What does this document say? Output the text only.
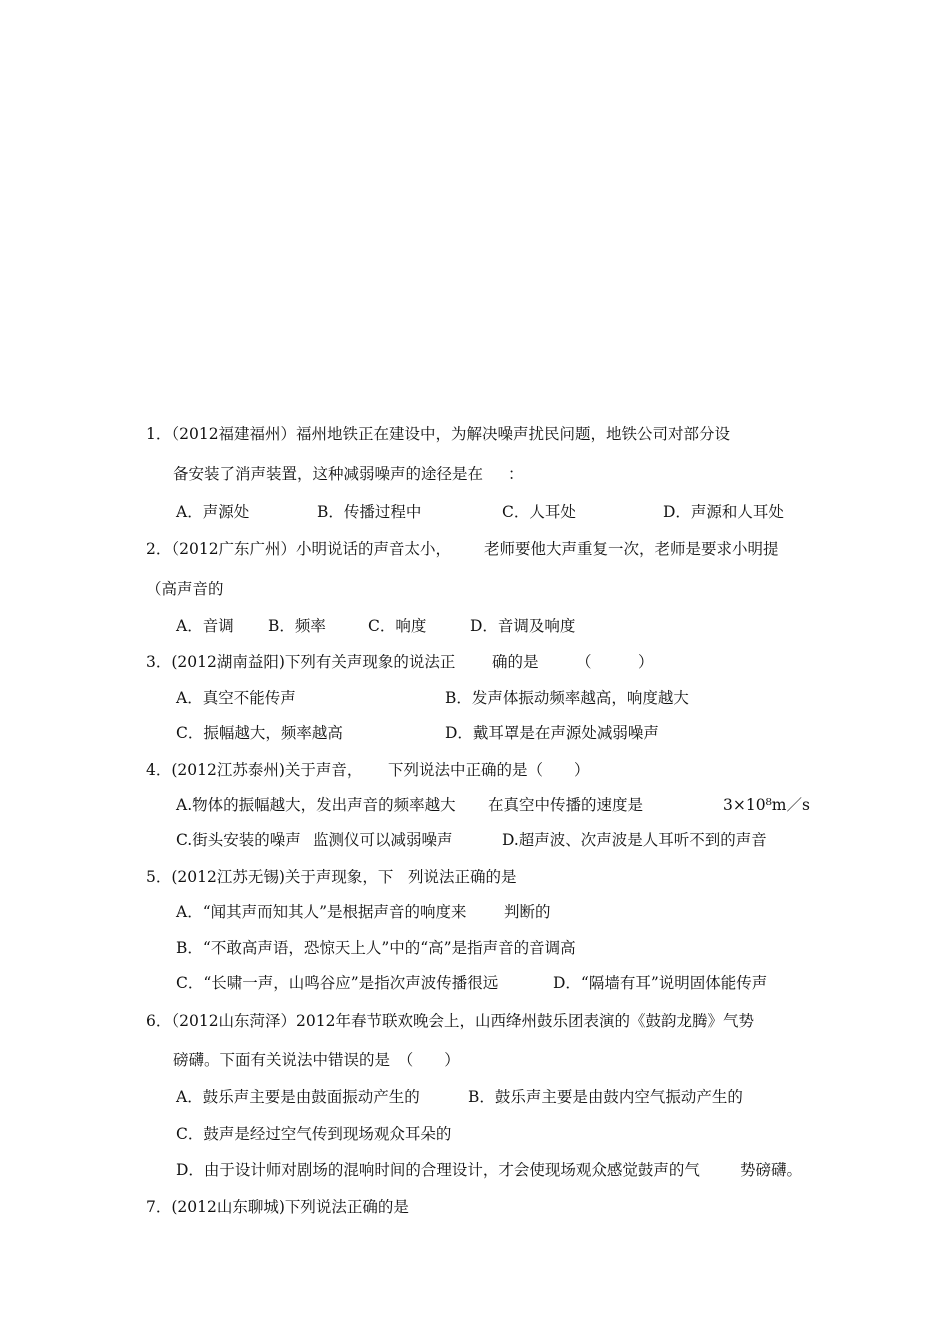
1．（2012福建福州）福州地铁正在建设中，为解决噪声扰民问题，地铁公司对部分设
备安装了消声装置，这种减弱噪声的途径是在 ：
A．声源处	B．传播过程中	C．人耳处	D．声源和人耳处
2．（2012广东广州）小明说话的声音太小， 老师要他大声重复一次，老师是要求小明提
（高声音的
A．音调 B．频率	C．响度	D．音调及响度
3．(2012湖南益阳)下列有关声现象的说法正 确的是 （　　　）
A．真空不能传声	B．发声体振动频率越高，响度越大
C．振幅越大，频率越高	D．戴耳罩是在声源处减弱噪声
4．(2012江苏泰州)关于声音， 下列说法中正确的是（　　）
A.物体的振幅越大，发出声音的频率越大 在真空中传播的速度是	3×10⁸m／s
C.街头安装的噪声 监测仪可以减弱噪声	D.超声波、次声波是人耳听不到的声音
5．(2012江苏无锡)关于声现象，下 列说法正确的是
A．“闻其声而知其人”是根据声音的响度来 判断的
B．“不敢高声语，恐惊天上人”中的“高”是指声音的音调高
C．“长啸一声，山鸣谷应”是指次声波传播很远	D．“隔墙有耳”说明固体能传声
6．（2012山东菏泽）2012年春节联欢晚会上，山西绛州鼓乐团表演的《鼓韵龙腾》气势
磅礴。下面有关说法中错误的是　（　　）
A．鼓乐声主要是由鼓面振动产生的	B．鼓乐声主要是由鼓内空气振动产生的
C．鼓声是经过空气传到现场观众耳朵的
D．由于设计师对剧场的混响时间的合理设计，才会使现场观众感觉鼓声的气	势磅礴。
7．(2012山东聊城)下列说法正确的是
